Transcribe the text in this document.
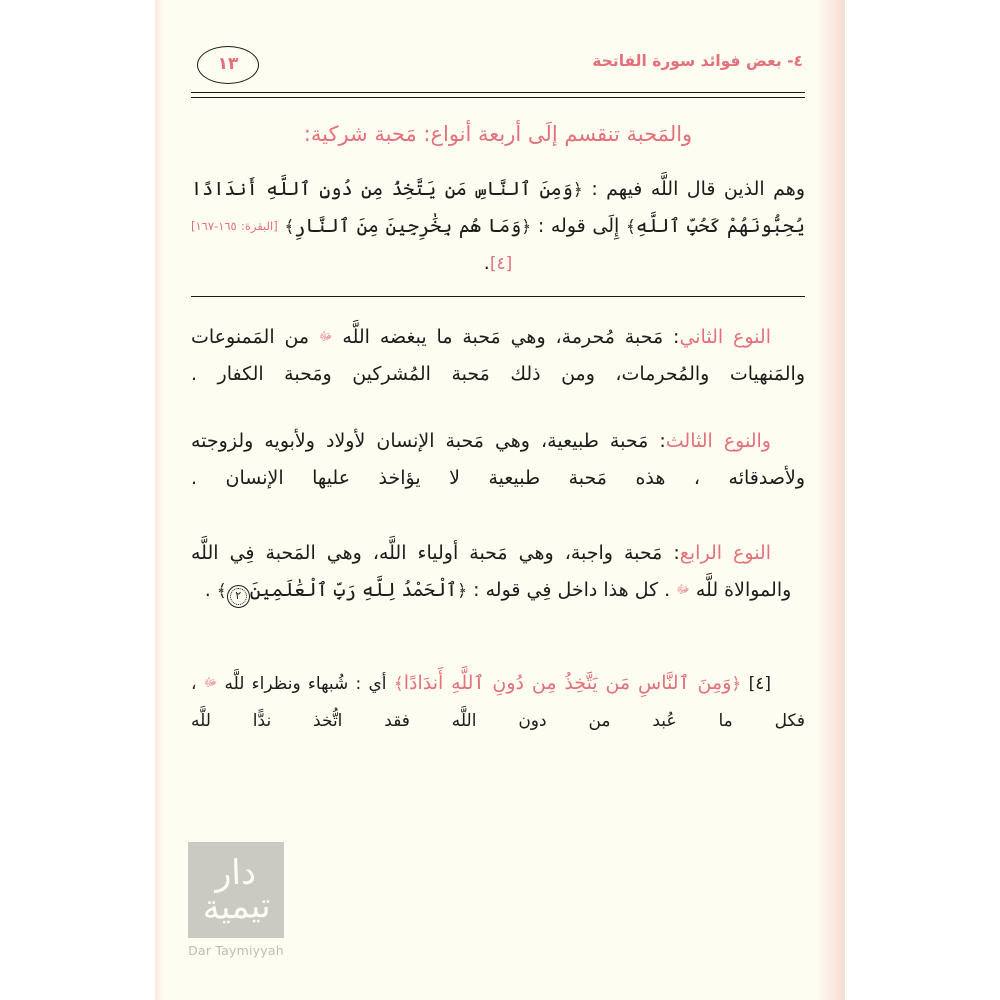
٤- بعض فوائد سورة الفاتحة
١٣

والمَحبة تنقسم إلَى أربعة أنواع: مَحبة شركية:

وهم الذين قال اللَّه فيهم : ﴿وَمِنَ ٱلنَّاسِ مَن يَتَّخِذُ مِن دُونِ ٱللَّهِ أَندَادًا يُحِبُّونَهُمْ كَحُبِّ ٱللَّهِ﴾ إِلَى قوله : ﴿وَمَا هُم بِخَٰرِجِينَ مِنَ ٱلنَّارِ﴾ [البقرة: ١٦٥-١٦٧][٤].

النوع الثاني: مَحبة مُحرمة، وهي مَحبة ما يبغضه اللَّه ﷻ من المَمنوعات والمَنهيات والمُحرمات، ومن ذلك مَحبة المُشركين ومَحبة الكفار .

والنوع الثالث: مَحبة طبيعية، وهي مَحبة الإنسان لأولاد ولأبويه ولزوجته ولأصدقائه ، هذه مَحبة طبيعية لا يؤاخذ عليها الإنسان .

النوع الرابع: مَحبة واجبة، وهي مَحبة أولياء اللَّه، وهي المَحبة فِي اللَّه والموالاة للَّه ﷻ . كل هذا داخل فِي قوله : ﴿ٱلْحَمْدُ لِلَّهِ رَبِّ ٱلْعَٰلَمِينَ٢﴾ .

[٤] ﴿وَمِنَ ٱلنَّاسِ مَن يَتَّخِذُ مِن دُونِ ٱللَّهِ أَندَادًا﴾ أي : شُبهاء ونظراء للَّه ﷻ ، فكل ما عُبد من دون اللَّه فقد اتُّخذ ندًّا للَّه

دار تيمية
Dar Taymiyyah
